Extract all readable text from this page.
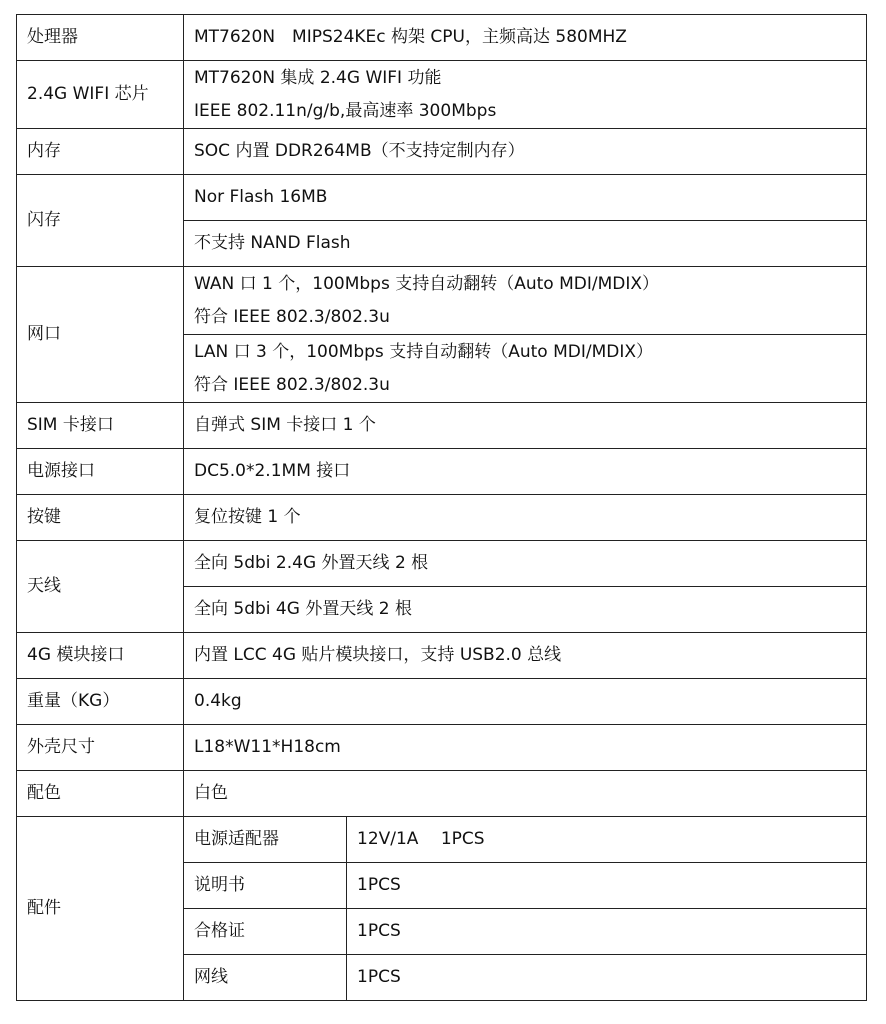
处理器	MT7620N　MIPS24KEc 构架 CPU，主频高达 580MHZ	
2.4G WIFI 芯片	MT7620N 集成 2.4G WIFI 功能
IEEE 802.11n/g/b,最高速率 300Mbps	

内存	SOC 内置 DDR264MB（不支持定制内存）	
闪存	Nor Flash 16MB	
	不支持 NAND Flash	
网口	WAN 口 1 个，100Mbps 支持自动翻转（Auto MDI/MDIX）
符合 IEEE 802.3/802.3u	

	LAN 口 3 个，100Mbps 支持自动翻转（Auto MDI/MDIX）
符合 IEEE 802.3/802.3u	

SIM 卡接口	自弹式 SIM 卡接口 1 个	
电源接口	DC5.0*2.1MM 接口	
按键	复位按键 1 个	
天线	全向 5dbi 2.4G 外置天线 2 根	
	全向 5dbi 4G 外置天线 2 根	
4G 模块接口	内置 LCC 4G 贴片模块接口，支持 USB2.0 总线	
重量（KG）	0.4kg	
外壳尺寸	L18*W11*H18cm	
配色	白色	
配件	电源适配器	12V/1A　 1PCS
	说明书	1PCS
	合格证	1PCS
	网线	1PCS
